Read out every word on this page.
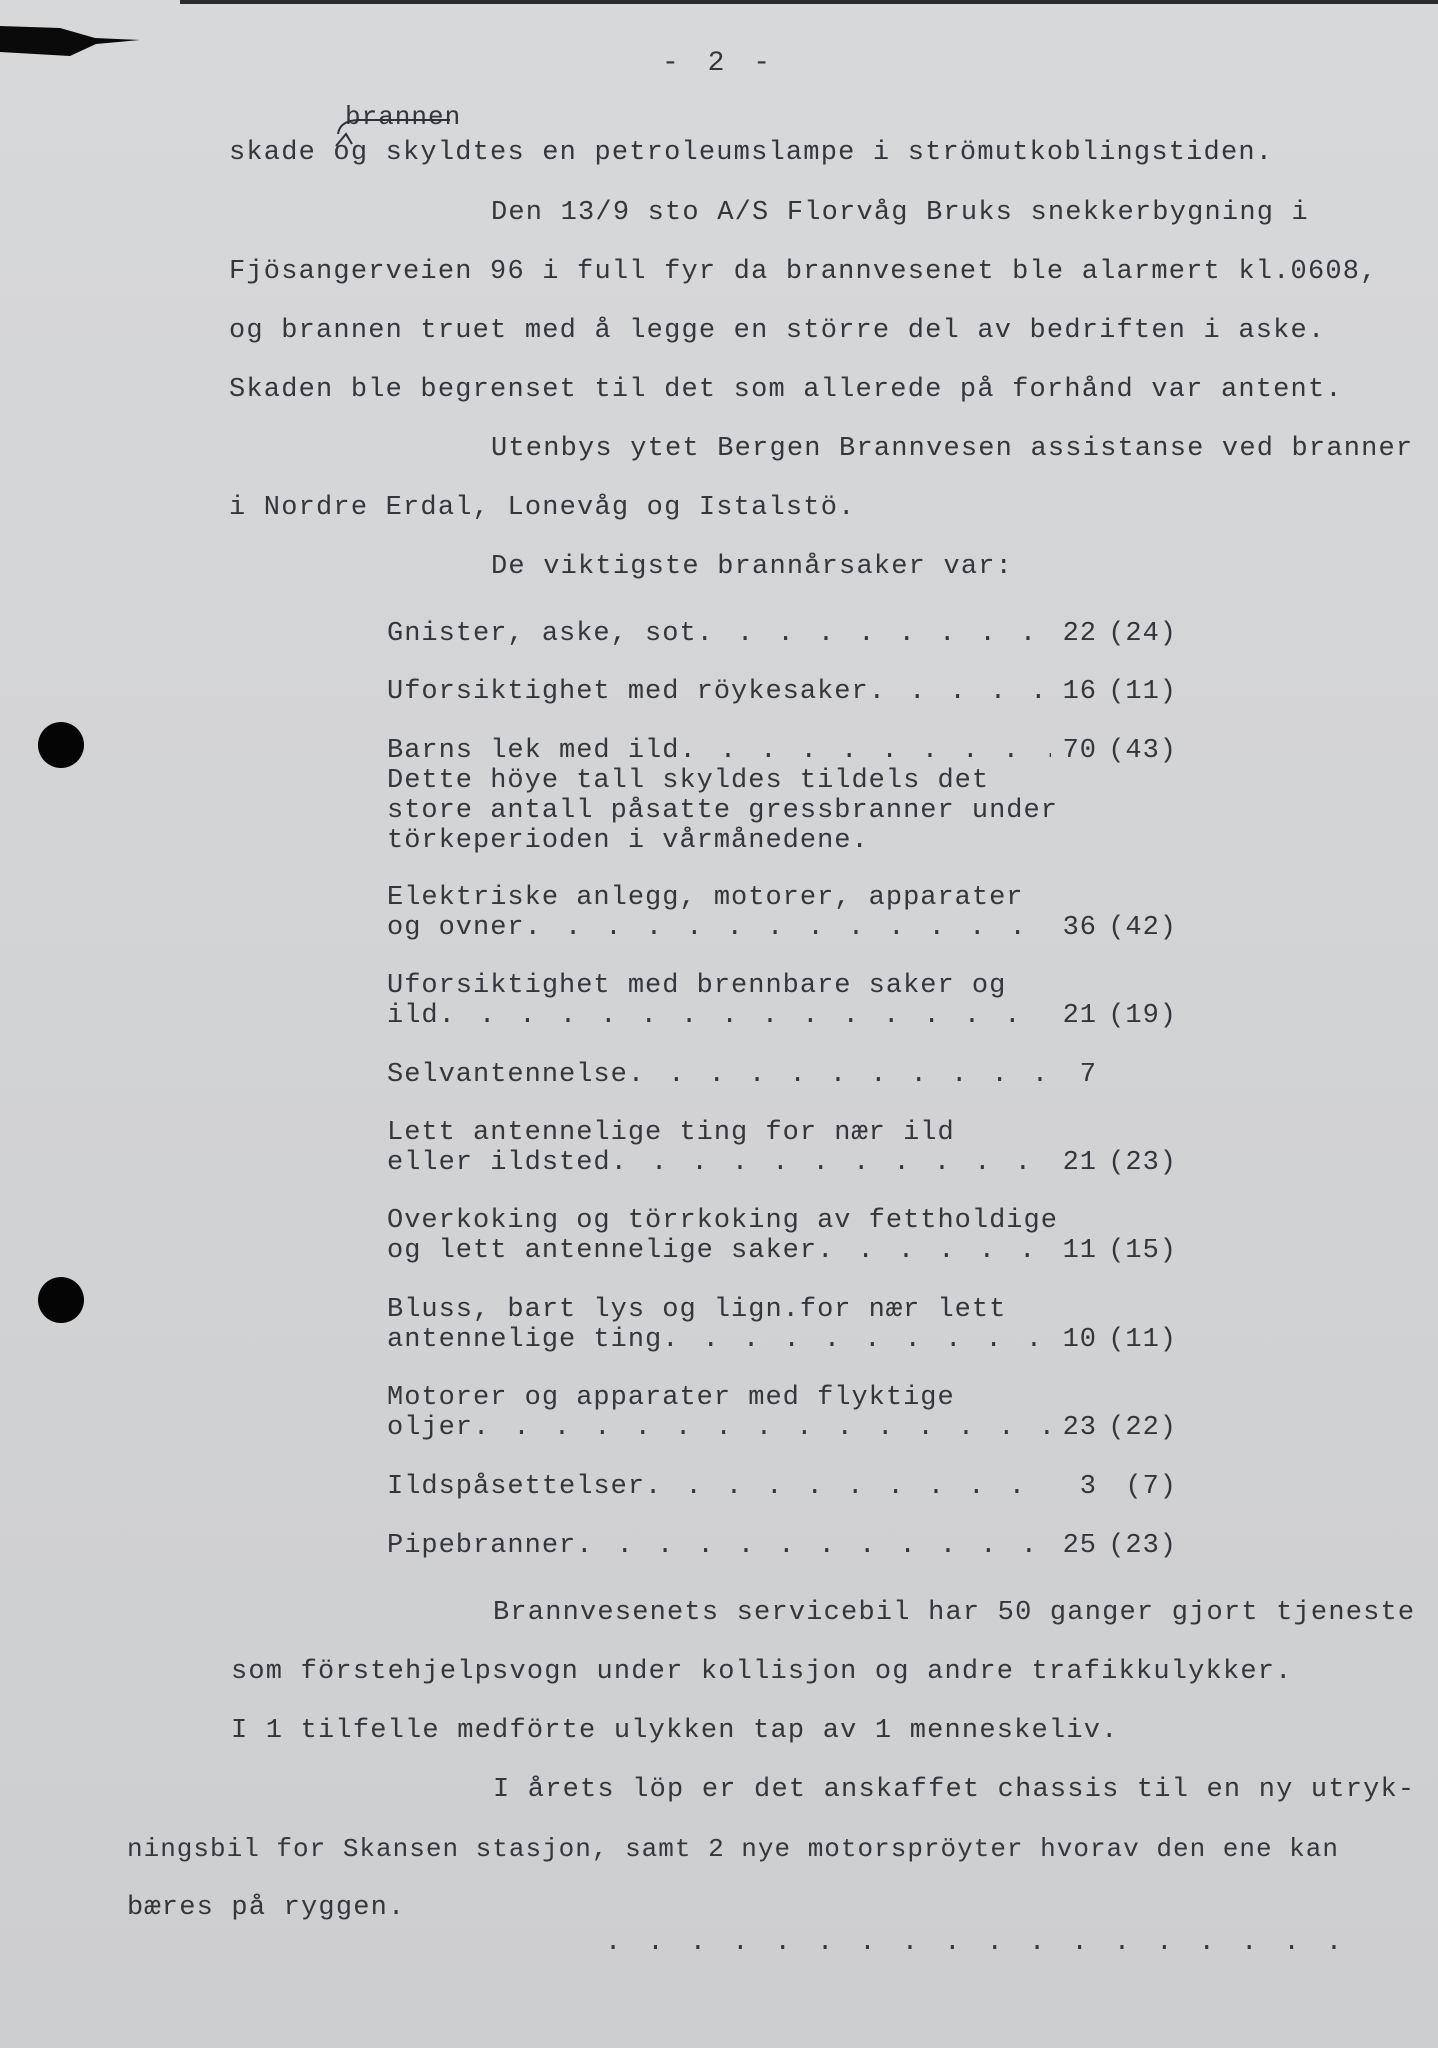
- 2 -
brannen
skade og skyldtes en petroleumslampe i strömutkoblingstiden.
Den 13/9 sto A/S Florvåg Bruks snekkerbygning i
Fjösangerveien 96 i full fyr da brannvesenet ble alarmert kl.0608,
og brannen truet med å legge en större del av bedriften i aske.
Skaden ble begrenset til det som allerede på forhånd var antent.
Utenbys ytet Bergen Brannvesen assistanse ved branner
i Nordre Erdal, Lonevåg og Istalstö.
De viktigste brannårsaker var:
Gnister, aske, sot . . .	22 (24)
Uforsiktighet med röykesaker . . .	16 (11)
Barns lek med ild . . .	70 (43)
Dette höye tall skyldes tildels det
store antall påsatte gressbranner under
törkeperioden i vårmånedene.
Elektriske anlegg, motorer, apparater
og ovner . . .	36 (42)
Uforsiktighet med brennbare saker og
ild . . .	21 (19)
Selvantennelse . . .	7
Lett antennelige ting for nær ild
eller ildsted . . .	21 (23)
Overkoking og törrkoking av fettholdige
og lett antennelige saker . . .	11 (15)
Bluss, bart lys og lign.for nær lett
antennelige ting . . .	10 (11)
Motorer og apparater med flyktige
oljer . . .	23 (22)
Ildspåsettelser . . .	3	(7)
Pipebranner . . .	25 (23)
Brannvesenets servicebil har 50 ganger gjort tjeneste
som förstehjelpsvogn under kollisjon og andre trafikkulykker.
I 1 tilfelle medförte ulykken tap av 1 menneskeliv.
I årets löp er det anskaffet chassis til en ny utryk-
ningsbil for Skansen stasjon, samt 2 nye motorspröyter hvorav den ene kan
bæres på ryggen.
. . . . . . . . . . . . . . . . . .
